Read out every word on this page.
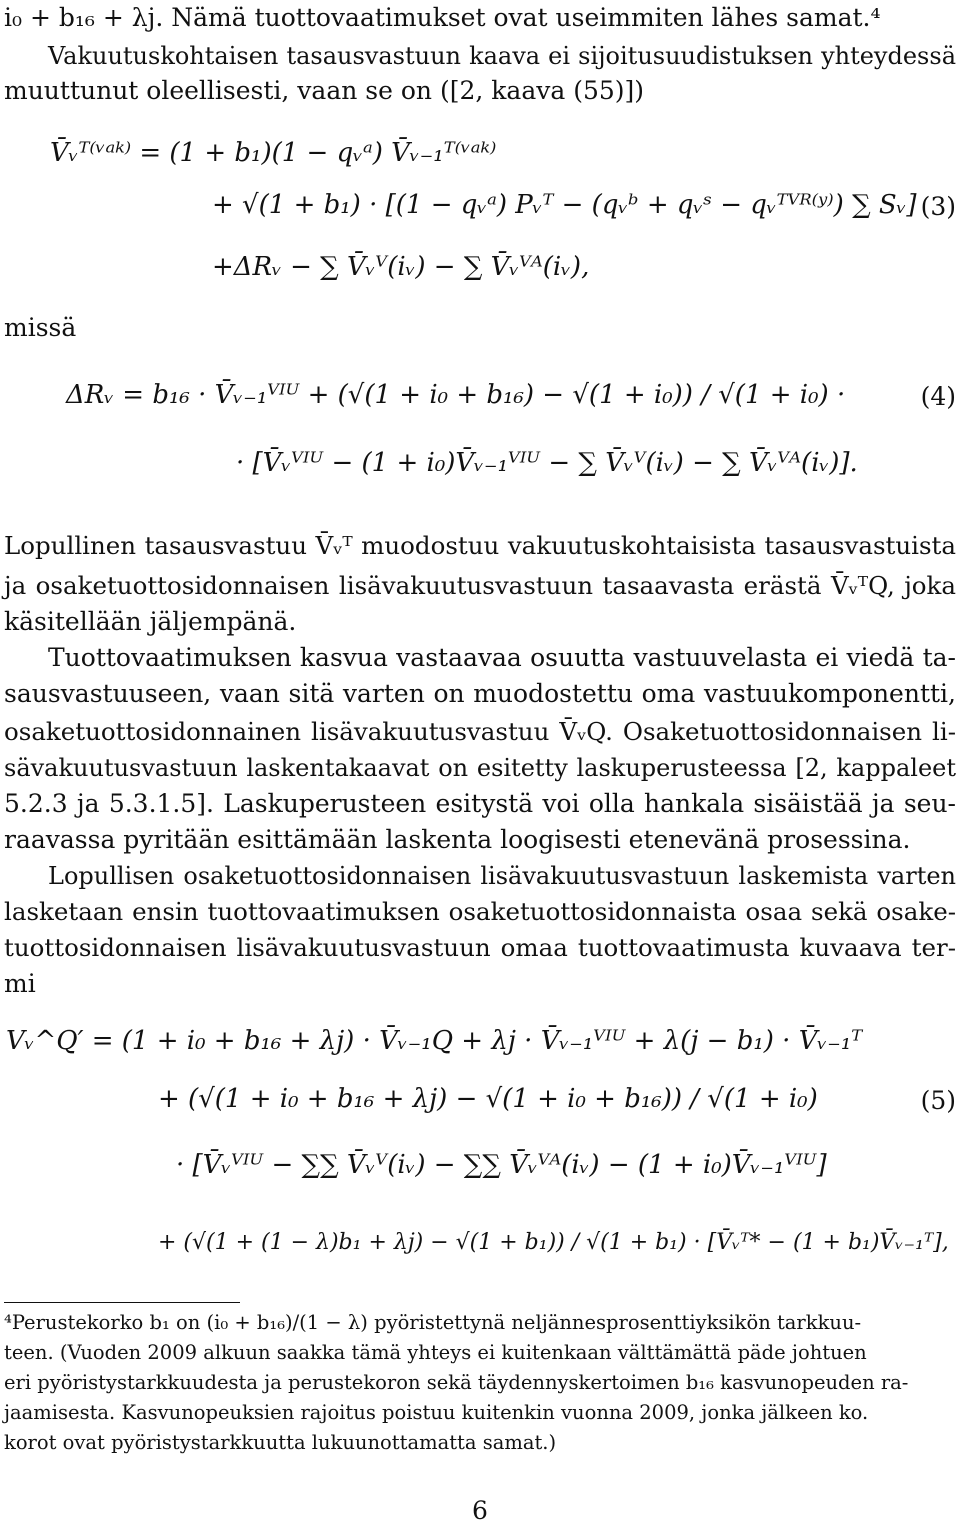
i₀ + b₁₆ + λj. Nämä tuottovaatimukset ovat useimmiten lähes samat.⁴
Vakuutuskohtaisen tasausvastuun kaava ei sijoitusuudistuksen yhteydessä
muuttunut oleellisesti, vaan se on ([2, kaava (55)])
V̄ᵥᵀ⁽ᵛᵃᵏ⁾ = (1 + b₁)(1 − qᵥᵃ) V̄ᵥ₋₁ᵀ⁽ᵛᵃᵏ⁾
+ √(1 + b₁) · [(1 − qᵥᵃ) Pᵥᵀ − (qᵥᵇ + qᵥˢ − qᵥᵀⱽᴿ⁽ʸ⁾) ∑ Sᵥ]
+ΔRᵥ − ∑ V̄ᵥⱽ(iᵥ) − ∑ V̄ᵥⱽᴬ(iᵥ),
(3)
missä
ΔRᵥ = b₁₆ · V̄ᵥ₋₁ⱽᴵᵁ + (√(1 + i₀ + b₁₆) − √(1 + i₀)) / √(1 + i₀) ·
· [V̄ᵥⱽᴵᵁ − (1 + i₀)V̄ᵥ₋₁ⱽᴵᵁ − ∑ V̄ᵥⱽ(iᵥ) − ∑ V̄ᵥⱽᴬ(iᵥ)].
(4)
Lopullinen tasausvastuu V̄ᵥᵀ muodostuu vakuutuskohtaisista tasausvastuista
ja osaketuottosidonnaisen lisävakuutusvastuun tasaavasta erästä V̄ᵥᵀQ, joka
käsitellään jäljempänä.
Tuottovaatimuksen kasvua vastaavaa osuutta vastuuvelasta ei viedä ta-
sausvastuuseen, vaan sitä varten on muodostettu oma vastuukomponentti,
osaketuottosidonnainen lisävakuutusvastuu V̄ᵥQ. Osaketuottosidonnaisen li-
sävakuutusvastuun laskentakaavat on esitetty laskuperusteessa [2, kappaleet
5.2.3 ja 5.3.1.5]. Laskuperusteen esitystä voi olla hankala sisäistää ja seu-
raavassa pyritään esittämään laskenta loogisesti etenevänä prosessina.
Lopullisen osaketuottosidonnaisen lisävakuutusvastuun laskemista varten
lasketaan ensin tuottovaatimuksen osaketuottosidonnaista osaa sekä osake-
tuottosidonnaisen lisävakuutusvastuun omaa tuottovaatimusta kuvaava ter-
mi
Vᵥ^Q′ = (1 + i₀ + b₁₆ + λj) · V̄ᵥ₋₁Q + λj · V̄ᵥ₋₁ⱽᴵᵁ + λ(j − b₁) · V̄ᵥ₋₁ᵀ
+ (√(1 + i₀ + b₁₆ + λj) − √(1 + i₀ + b₁₆)) / √(1 + i₀)
· [V̄ᵥⱽᴵᵁ − ∑∑ V̄ᵥⱽ(iᵥ) − ∑∑ V̄ᵥⱽᴬ(iᵥ) − (1 + i₀)V̄ᵥ₋₁ⱽᴵᵁ]
+ (√(1 + (1 − λ)b₁ + λj) − √(1 + b₁)) / √(1 + b₁) · [V̄ᵥᵀ* − (1 + b₁)V̄ᵥ₋₁ᵀ],
(5)
⁴Perustekorko b₁ on (i₀ + b₁₆)/(1 − λ) pyöristettynä neljännesprosenttiyksikön tarkkuu-
teen. (Vuoden 2009 alkuun saakka tämä yhteys ei kuitenkaan välttämättä päde johtuen
eri pyöristystarkkuudesta ja perustekoron sekä täydennyskertoimen b₁₆ kasvunopeuden ra-
jaamisesta. Kasvunopeuksien rajoitus poistuu kuitenkin vuonna 2009, jonka jälkeen ko.
korot ovat pyöristystarkkuutta lukuunottamatta samat.)
6
